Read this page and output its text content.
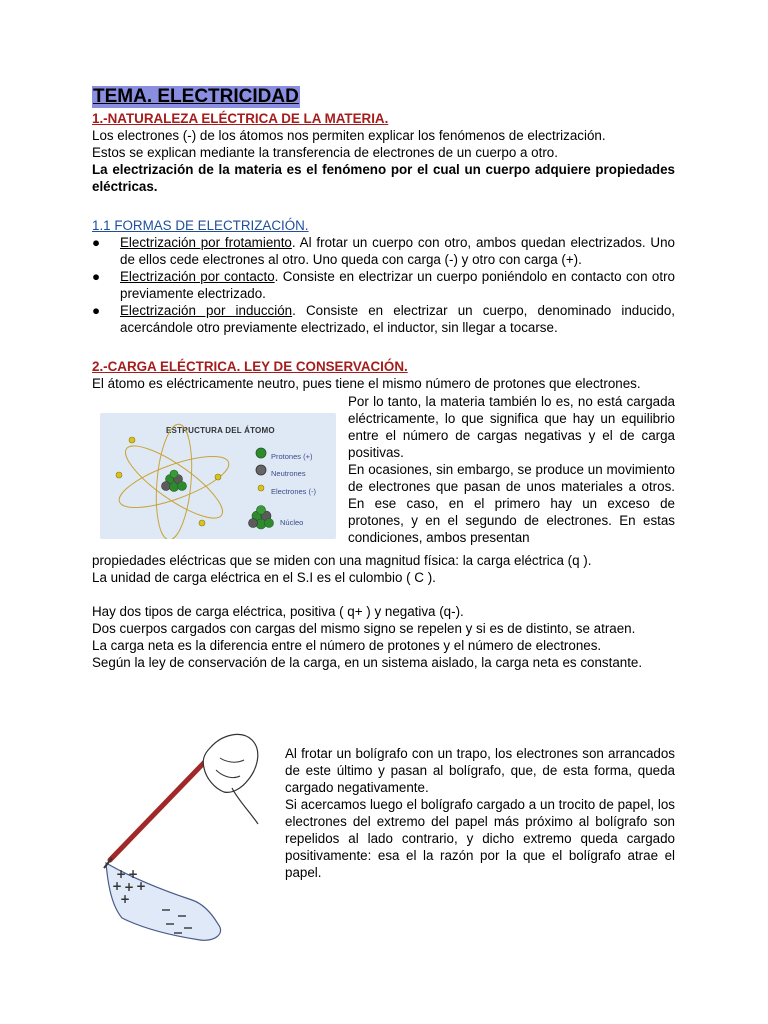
TEMA. ELECTRICIDAD
1.-NATURALEZA ELÉCTRICA DE LA MATERIA.
Los electrones (-) de los átomos nos permiten explicar los fenómenos de electrización.
Estos se explican mediante la transferencia de electrones de un cuerpo a otro.
La electrización de la materia es el fenómeno por el cual un cuerpo adquiere propiedades eléctricas.
1.1 FORMAS DE ELECTRIZACIÓN.
● Electrización por frotamiento. Al frotar un cuerpo con otro, ambos quedan electrizados. Uno de ellos cede electrones al otro. Uno queda con carga (-) y otro con carga (+).
● Electrización por contacto. Consiste en electrizar un cuerpo poniéndolo en contacto con otro previamente electrizado.
● Electrización por inducción. Consiste en electrizar un cuerpo, denominado inducido, acercándole otro previamente electrizado, el inductor, sin llegar a tocarse.
2.-CARGA ELÉCTRICA. LEY DE CONSERVACIÓN.
El átomo es eléctricamente neutro, pues tiene el mismo número de protones que electrones.
ESTRUCTURA DEL ÁTOMO
Protones (+)
Neutrones
Electrones (-)
Núcleo
Por lo tanto, la materia también lo es, no está cargada eléctricamente, lo que significa que hay un equilibrio entre el número de cargas negativas y el de carga positivas.
En ocasiones, sin embargo, se produce un movimiento de electrones que pasan de unos materiales a otros. En ese caso, en el primero hay un exceso de protones, y en el segundo de electrones. En estas condiciones, ambos presentan
propiedades eléctricas que se miden con una magnitud física: la carga eléctrica (q ).
La unidad de carga eléctrica en el S.I es el culombio ( C ).
Hay dos tipos de carga eléctrica, positiva ( q+ ) y negativa (q-).
Dos cuerpos cargados con cargas del mismo signo se repelen y si es de distinto, se atraen.
La carga neta es la diferencia entre el número de protones y el número de electrones.
Según la ley de conservación de la carga, en un sistema aislado, la carga neta es constante.
+ +
+ + +
+
Al frotar un bolígrafo con un trapo, los electrones son arrancados de este último y pasan al bolígrafo, que, de esta forma, queda cargado negativamente.
Si acercamos luego el bolígrafo cargado a un trocito de papel, los electrones del extremo del papel más próximo al bolígrafo son repelidos al lado contrario, y dicho extremo queda cargado positivamente: esa el la razón por la que el bolígrafo atrae el papel.
